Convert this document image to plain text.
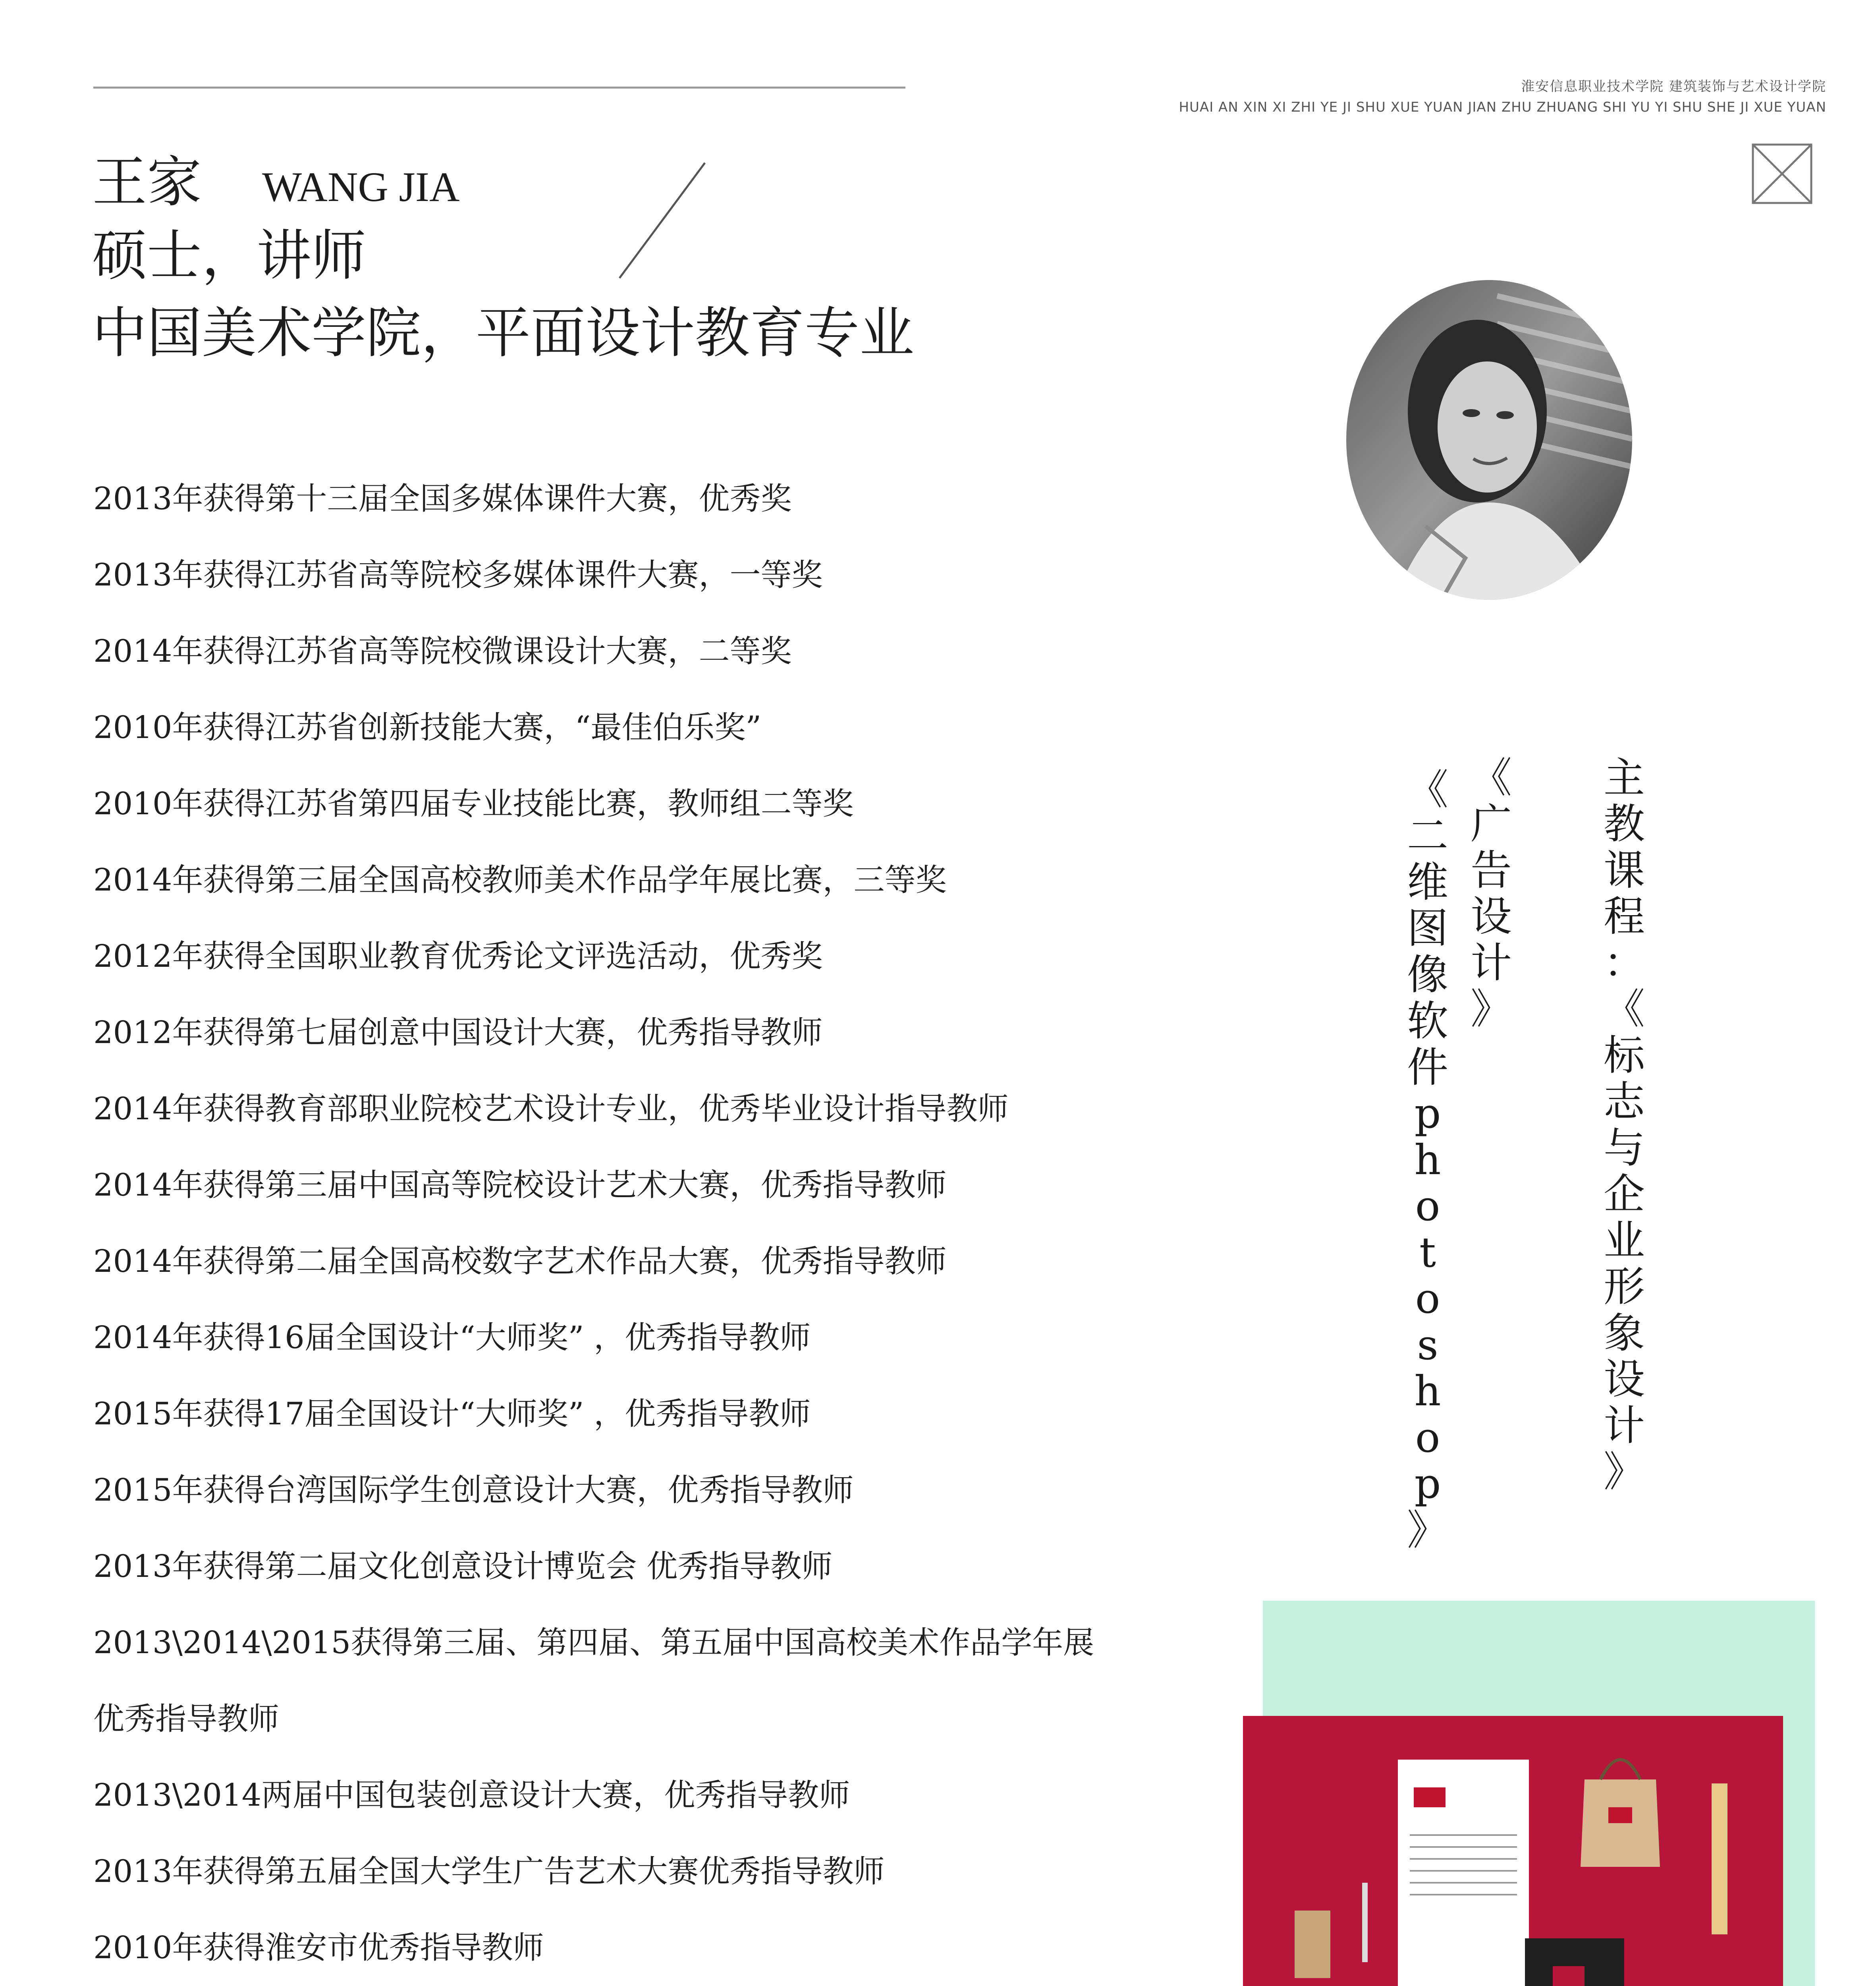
淮安信息职业技术学院 建筑装饰与艺术设计学院
HUAI AN XIN XI ZHI YE JI SHU XUE YUAN JIAN ZHU ZHUANG SHI YU YI SHU SHE JI XUE YUAN
王家 WANG JIA
硕士，讲师
中国美术学院，平面设计教育专业
2013年获得第十三届全国多媒体课件大赛，优秀奖
2013年获得江苏省高等院校多媒体课件大赛，一等奖
2014年获得江苏省高等院校微课设计大赛，二等奖
2010年获得江苏省创新技能大赛，“最佳伯乐奖”
2010年获得江苏省第四届专业技能比赛，教师组二等奖
2014年获得第三届全国高校教师美术作品学年展比赛，三等奖
2012年获得全国职业教育优秀论文评选活动，优秀奖
2012年获得第七届创意中国设计大赛，优秀指导教师
2014年获得教育部职业院校艺术设计专业，优秀毕业设计指导教师
2014年获得第三届中国高等院校设计艺术大赛，优秀指导教师
2014年获得第二届全国高校数字艺术作品大赛，优秀指导教师
2014年获得16届全国设计“大师奖” ，优秀指导教师
2015年获得17届全国设计“大师奖” ，优秀指导教师
2015年获得台湾国际学生创意设计大赛，优秀指导教师
2013年获得第二届文化创意设计博览会 优秀指导教师
2013\2014\2015获得第三届、第四届、第五届中国高校美术作品学年展
优秀指导教师
2013\2014两届中国包装创意设计大赛，优秀指导教师
2013年获得第五届全国大学生广告艺术大赛优秀指导教师
2010年获得淮安市优秀指导教师
主
教
课
程
：
《
标
志
与
企
业
形
象
设
计
》
《
广
告
设
计
》
《
二
维
图
像
软
件
p
h
o
t
o
s
h
o
p
》
